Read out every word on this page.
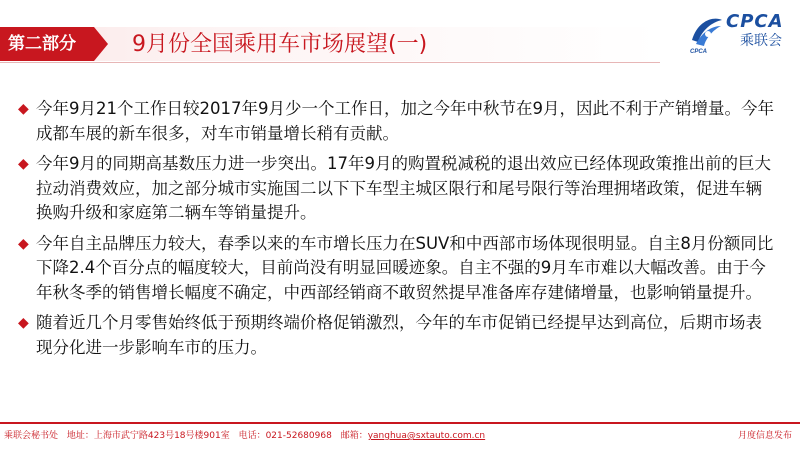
第二部分	9月份全国乘用车市场展望(一)	CPCA
CPCA
乘联会
◆ 今年9月21个工作日较2017年9月少一个工作日，加之今年中秋节在9月，因此不利于产销增量。今年成都车展的新车很多，对车市销量增长稍有贡献。
◆ 今年9月的同期高基数压力进一步突出。17年9月的购置税减税的退出效应已经体现政策推出前的巨大拉动消费效应，加之部分城市实施国二以下下车型主城区限行和尾号限行等治理拥堵政策，促进车辆换购升级和家庭第二辆车等销量提升。
◆ 今年自主品牌压力较大，春季以来的车市增长压力在SUV和中西部市场体现很明显。自主8月份额同比下降2.4个百分点的幅度较大，目前尚没有明显回暖迹象。自主不强的9月车市难以大幅改善。由于今年秋冬季的销售增长幅度不确定，中西部经销商不敢贸然提早准备库存建储增量，也影响销量提升。
◆ 随着近几个月零售始终低于预期终端价格促销激烈，今年的车市促销已经提早达到高位，后期市场表现分化进一步影响车市的压力。
乘联会秘书处 地址：上海市武宁路423号18号楼901室 电话：021-52680968 邮箱：yanghua@sxtauto.com.cn	月度信息发布
